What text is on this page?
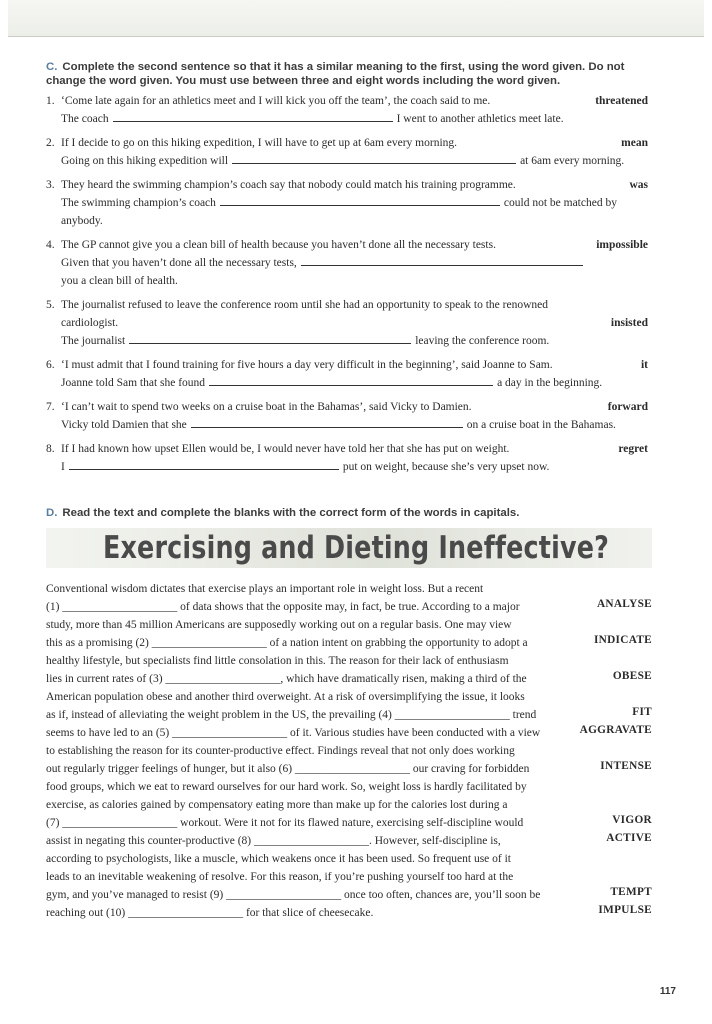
C. Complete the second sentence so that it has a similar meaning to the first, using the word given. Do not change the word given. You must use between three and eight words including the word given.
1. ‘Come late again for an athletics meet and I will kick you off the team’, the coach said to me.	threatened
The coach	I went to another athletics meet late.
2. If I decide to go on this hiking expedition, I will have to get up at 6am every morning.	mean
Going on this hiking expedition will	at 6am every morning.
3. They heard the swimming champion’s coach say that nobody could match his training programme.	was
The swimming champion’s coach	could not be matched by
anybody.
4. The GP cannot give you a clean bill of health because you haven’t done all the necessary tests.	impossible
Given that you haven’t done all the necessary tests,
you a clean bill of health.
5. The journalist refused to leave the conference room until she had an opportunity to speak to the renowned
cardiologist.	insisted
The journalist	leaving the conference room.
6. ‘I must admit that I found training for five hours a day very difficult in the beginning’, said Joanne to Sam.	it
Joanne told Sam that she found	a day in the beginning.
7. ‘I can’t wait to spend two weeks on a cruise boat in the Bahamas’, said Vicky to Damien.	forward
Vicky told Damien that she	on a cruise boat in the Bahamas.
8. If I had known how upset Ellen would be, I would never have told her that she has put on weight.	regret
I	put on weight, because she’s very upset now.
D. Read the text and complete the blanks with the correct form of the words in capitals.
Exercising and Dieting Ineffective?
Conventional wisdom dictates that exercise plays an important role in weight loss. But a recent
(1) ____________________ of data shows that the opposite may, in fact, be true. According to a major
study, more than 45 million Americans are supposedly working out on a regular basis. One may view
this as a promising (2) ____________________ of a nation intent on grabbing the opportunity to adopt a
healthy lifestyle, but specialists find little consolation in this. The reason for their lack of enthusiasm
lies in current rates of (3) ____________________, which have dramatically risen, making a third of the
American population obese and another third overweight. At a risk of oversimplifying the issue, it looks
as if, instead of alleviating the weight problem in the US, the prevailing (4) ____________________ trend
seems to have led to an (5) ____________________ of it. Various studies have been conducted with a view
to establishing the reason for its counter-productive effect. Findings reveal that not only does working
out regularly trigger feelings of hunger, but it also (6) ____________________ our craving for forbidden
food groups, which we eat to reward ourselves for our hard work. So, weight loss is hardly facilitated by
exercise, as calories gained by compensatory eating more than make up for the calories lost during a
(7) ____________________ workout. Were it not for its flawed nature, exercising self-discipline would
assist in negating this counter-productive (8) ____________________. However, self-discipline is,
according to psychologists, like a muscle, which weakens once it has been used. So frequent use of it
leads to an inevitable weakening of resolve. For this reason, if you’re pushing yourself too hard at the
gym, and you’ve managed to resist (9) ____________________ once too often, chances are, you’ll soon be
reaching out (10) ____________________ for that slice of cheesecake.
ANALYSE
INDICATE
OBESE
FIT
AGGRAVATE
INTENSE
VIGOR
ACTIVE
TEMPT
IMPULSE
117
